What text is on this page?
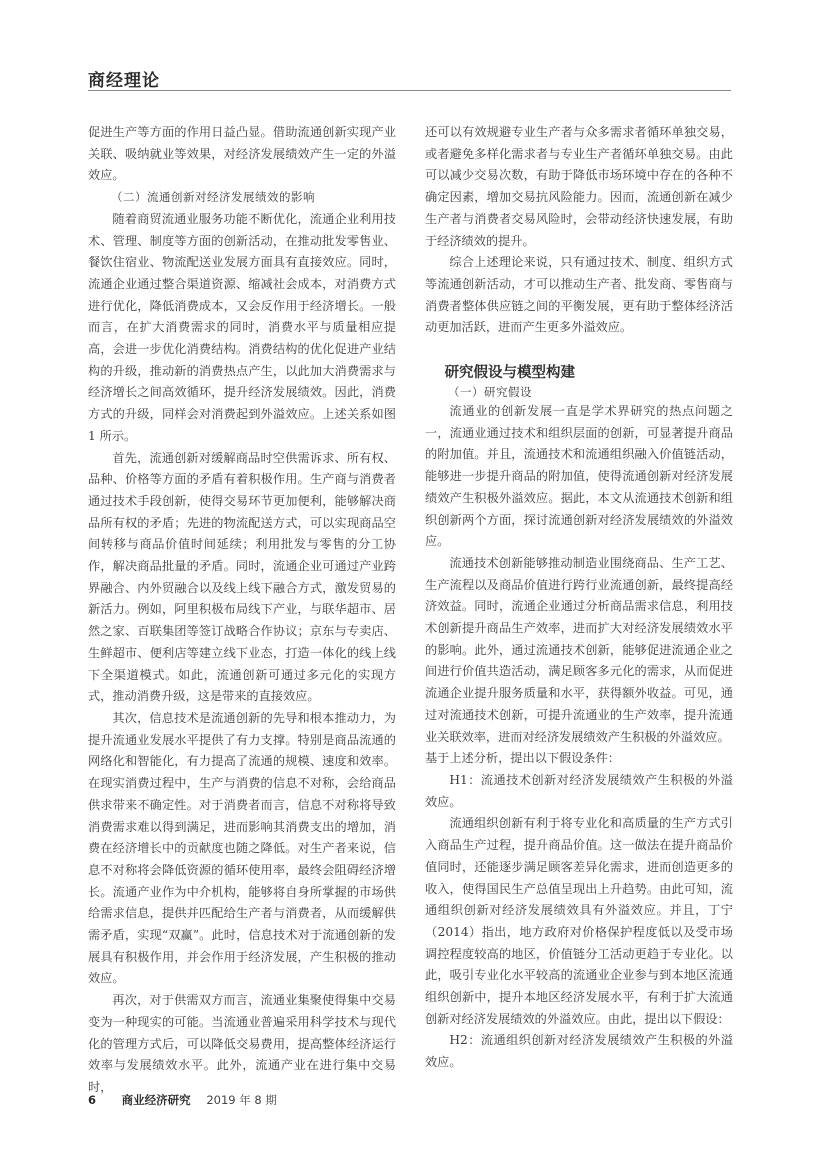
商经理论

促进生产等方面的作用日益凸显。借助流通创新实现产业关联、吸纳就业等效果，对经济发展绩效产生一定的外溢效应。

（二）流通创新对经济发展绩效的影响

随着商贸流通业服务功能不断优化，流通企业利用技术、管理、制度等方面的创新活动，在推动批发零售业、餐饮住宿业、物流配送业发展方面具有直接效应。同时，流通企业通过整合渠道资源、缩减社会成本，对消费方式进行优化，降低消费成本，又会反作用于经济增长。一般而言，在扩大消费需求的同时，消费水平与质量相应提高，会进一步优化消费结构。消费结构的优化促进产业结构的升级，推动新的消费热点产生，以此加大消费需求与经济增长之间高效循环，提升经济发展绩效。因此，消费方式的升级，同样会对消费起到外溢效应。上述关系如图 1 所示。

首先，流通创新对缓解商品时空供需诉求、所有权、品种、价格等方面的矛盾有着积极作用。生产商与消费者通过技术手段创新，使得交易环节更加便利，能够解决商品所有权的矛盾；先进的物流配送方式，可以实现商品空间转移与商品价值时间延续；利用批发与零售的分工协作，解决商品批量的矛盾。同时，流通企业可通过产业跨界融合、内外贸融合以及线上线下融合方式，激发贸易的新活力。例如，阿里积极布局线下产业，与联华超市、居然之家、百联集团等签订战略合作协议；京东与专卖店、生鲜超市、便利店等建立线下业态，打造一体化的线上线下全渠道模式。如此，流通创新可通过多元化的实现方式，推动消费升级，这是带来的直接效应。

其次，信息技术是流通创新的先导和根本推动力，为提升流通业发展水平提供了有力支撑。特别是商品流通的网络化和智能化，有力提高了流通的规模、速度和效率。在现实消费过程中，生产与消费的信息不对称，会给商品供求带来不确定性。对于消费者而言，信息不对称将导致消费需求难以得到满足，进而影响其消费支出的增加，消费在经济增长中的贡献度也随之降低。对生产者来说，信息不对称将会降低资源的循环使用率，最终会阻碍经济增长。流通产业作为中介机构，能够将自身所掌握的市场供给需求信息，提供并匹配给生产者与消费者，从而缓解供需矛盾，实现“双赢”。此时，信息技术对于流通创新的发展具有积极作用，并会作用于经济发展，产生积极的推动效应。

再次，对于供需双方而言，流通业集聚使得集中交易变为一种现实的可能。当流通业普遍采用科学技术与现代化的管理方式后，可以降低交易费用，提高整体经济运行效率与发展绩效水平。此外，流通产业在进行集中交易时，

还可以有效规避专业生产者与众多需求者循环单独交易，或者避免多样化需求者与专业生产者循环单独交易。由此可以减少交易次数，有助于降低市场环境中存在的各种不确定因素，增加交易抗风险能力。因而，流通创新在减少生产者与消费者交易风险时，会带动经济快速发展，有助于经济绩效的提升。

综合上述理论来说，只有通过技术、制度、组织方式等流通创新活动，才可以推动生产者、批发商、零售商与消费者整体供应链之间的平衡发展，更有助于整体经济活动更加活跃，进而产生更多外溢效应。

研究假设与模型构建

（一）研究假设

流通业的创新发展一直是学术界研究的热点问题之一，流通业通过技术和组织层面的创新，可显著提升商品的附加值。并且，流通技术和流通组织融入价值链活动，能够进一步提升商品的附加值，使得流通创新对经济发展绩效产生积极外溢效应。据此，本文从流通技术创新和组织创新两个方面，探讨流通创新对经济发展绩效的外溢效应。

流通技术创新能够推动制造业围绕商品、生产工艺、生产流程以及商品价值进行跨行业流通创新，最终提高经济效益。同时，流通企业通过分析商品需求信息，利用技术创新提升商品生产效率，进而扩大对经济发展绩效水平的影响。此外，通过流通技术创新，能够促进流通企业之间进行价值共造活动，满足顾客多元化的需求，从而促进流通企业提升服务质量和水平，获得额外收益。可见，通过对流通技术创新，可提升流通业的生产效率，提升流通业关联效率，进而对经济发展绩效产生积极的外溢效应。

基于上述分析，提出以下假设条件：

H1：流通技术创新对经济发展绩效产生积极的外溢效应。

流通组织创新有利于将专业化和高质量的生产方式引入商品生产过程，提升商品价值。这一做法在提升商品价值同时，还能逐步满足顾客差异化需求，进而创造更多的收入，使得国民生产总值呈现出上升趋势。由此可知，流通组织创新对经济发展绩效具有外溢效应。并且，丁宁（2014）指出，地方政府对价格保护程度低以及受市场调控程度较高的地区，价值链分工活动更趋于专业化。以此，吸引专业化水平较高的流通业企业参与到本地区流通组织创新中，提升本地区经济发展水平，有利于扩大流通创新对经济发展绩效的外溢效应。由此，提出以下假设：

H2：流通组织创新对经济发展绩效产生积极的外溢效应。

6 商业经济研究 2019 年 8 期
